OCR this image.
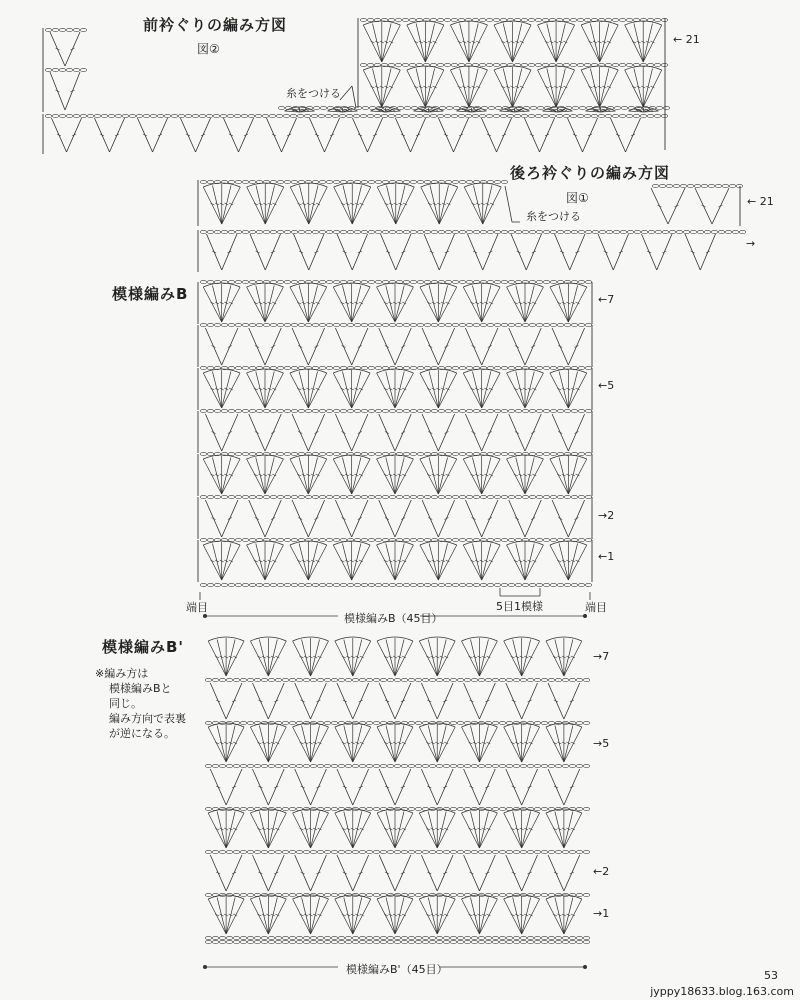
前衿ぐりの編み方図
図②
糸をつける
← 21
後ろ衿ぐりの編み方図
図①
糸をつける
← 21
→
模様編みB	←7
←5
→2
←1
端目	端目
5目1模様
模様編みB（45目）
模様編みB'
※編み方は
模様編みBと
同じ。
編み方向で表裏
が逆になる。
→7
→5
←2
→1
模様編みB'（45目）	53
jyppy18633.blog.163.com
